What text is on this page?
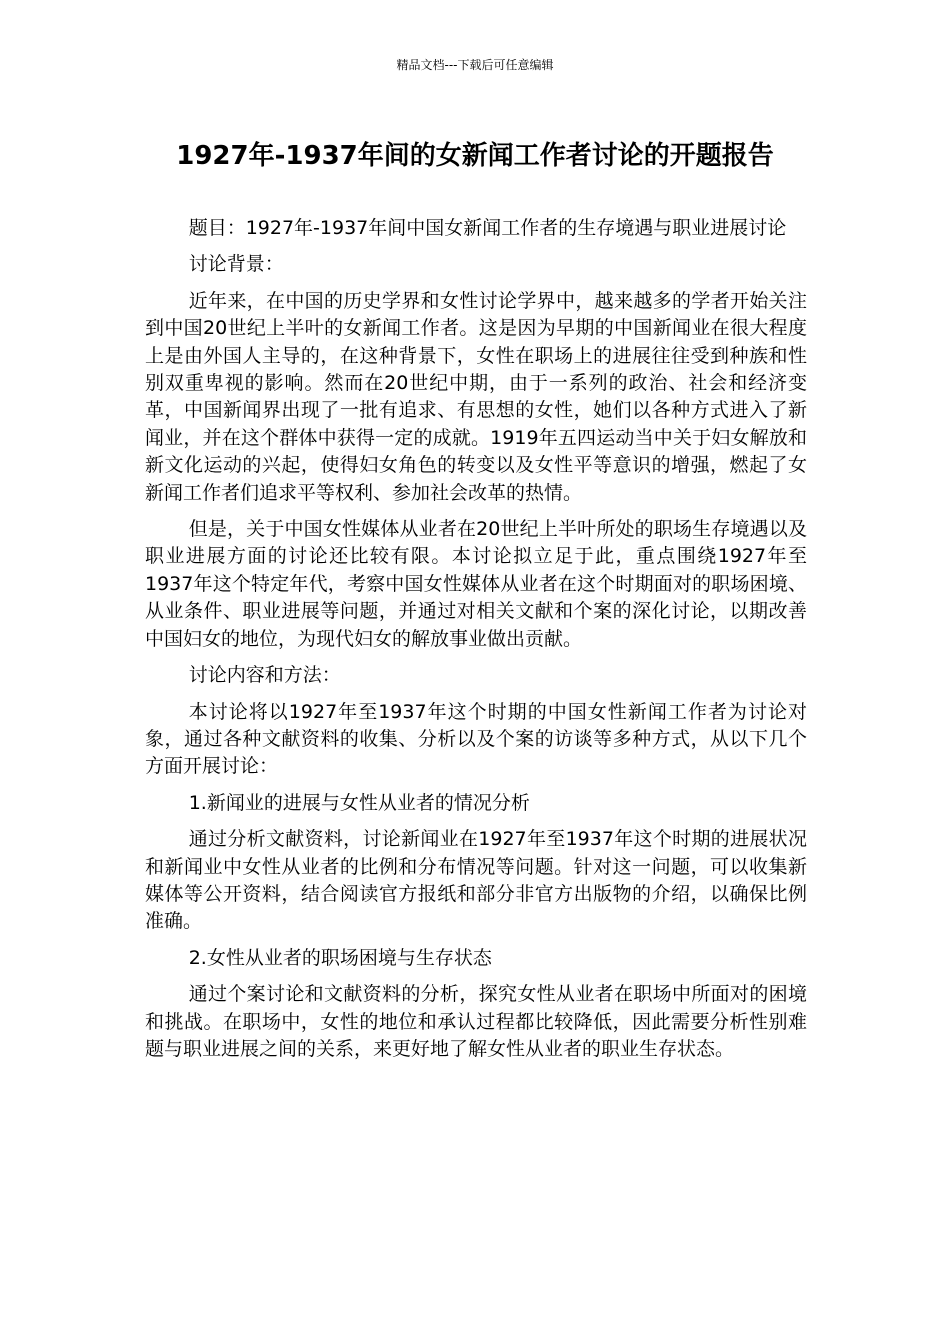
精品文档---下载后可任意编辑
1927年-1937年间的女新闻工作者讨论的开题报告

题目：1927年-1937年间中国女新闻工作者的生存境遇与职业进展讨论

讨论背景：

近年来，在中国的历史学界和女性讨论学界中，越来越多的学者开始关注到中国20世纪上半叶的女新闻工作者。这是因为早期的中国新闻业在很大程度上是由外国人主导的，在这种背景下，女性在职场上的进展往往受到种族和性别双重卑视的影响。然而在20世纪中期，由于一系列的政治、社会和经济变革，中国新闻界出现了一批有追求、有思想的女性，她们以各种方式进入了新闻业，并在这个群体中获得一定的成就。1919年五四运动当中关于妇女解放和新文化运动的兴起，使得妇女角色的转变以及女性平等意识的增强，燃起了女新闻工作者们追求平等权利、参加社会改革的热情。

但是，关于中国女性媒体从业者在20世纪上半叶所处的职场生存境遇以及职业进展方面的讨论还比较有限。本讨论拟立足于此，重点围绕1927年至1937年这个特定年代，考察中国女性媒体从业者在这个时期面对的职场困境、从业条件、职业进展等问题，并通过对相关文献和个案的深化讨论，以期改善中国妇女的地位，为现代妇女的解放事业做出贡献。

讨论内容和方法：

本讨论将以1927年至1937年这个时期的中国女性新闻工作者为讨论对象，通过各种文献资料的收集、分析以及个案的访谈等多种方式，从以下几个方面开展讨论：

1.新闻业的进展与女性从业者的情况分析

通过分析文献资料，讨论新闻业在1927年至1937年这个时期的进展状况和新闻业中女性从业者的比例和分布情况等问题。针对这一问题，可以收集新媒体等公开资料，结合阅读官方报纸和部分非官方出版物的介绍，以确保比例准确。

2.女性从业者的职场困境与生存状态

通过个案讨论和文献资料的分析，探究女性从业者在职场中所面对的困境和挑战。在职场中，女性的地位和承认过程都比较降低，因此需要分析性别难题与职业进展之间的关系，来更好地了解女性从业者的职业生存状态。
